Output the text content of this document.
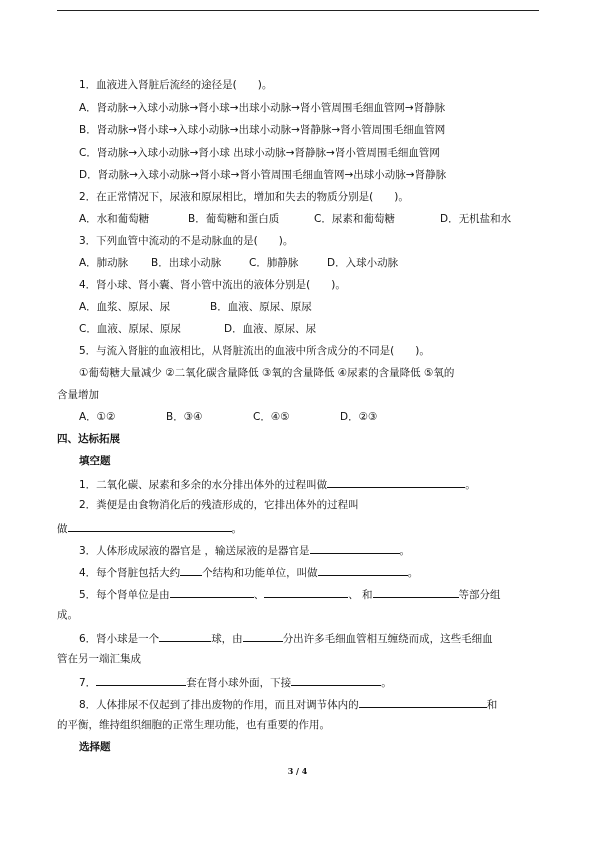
1．血液进入肾脏后流经的途径是(　　)。
A．肾动脉→入球小动脉→肾小球→出球小动脉→肾小管周围毛细血管网→肾静脉
B．肾动脉→肾小球→入球小动脉→出球小动脉→肾静脉→肾小管周围毛细血管网
C．肾动脉→入球小动脉→肾小球 出球小动脉→肾静脉→肾小管周围毛细血管网
D．肾动脉→入球小动脉→肾小球→肾小管周围毛细血管网→出球小动脉→肾静脉
2．在正常情况下，尿液和原尿相比，增加和失去的物质分别是(　　)。
A．水和葡萄糖	B．葡萄糖和蛋白质	C．尿素和葡萄糖	D．无机盐和水
3．下列血管中流动的不是动脉血的是(　　)。
A．肺动脉 B．出球小动脉	C．肺静脉	D．入球小动脉
4．肾小球、肾小囊、肾小管中流出的液体分别是(　　)。
A．血浆、原尿、尿	B．血液、原尿、原尿
C．血液、原尿、原尿	D．血液、原尿、尿
5．与流入肾脏的血液相比，从肾脏流出的血液中所含成分的不同是(　　)。
①葡萄糖大量减少 ②二氧化碳含量降低 ③氧的含量降低 ④尿素的含量降低 ⑤氧的
含量增加
A．①②	B．③④	C．④⑤	D．②③
四、达标拓展
填空题
1．二氧化碳、尿素和多余的水分排出体外的过程叫做	。
2．粪便是由食物消化后的残渣形成的，它排出体外的过程叫
做	。
3．人体形成尿液的器官是 ，输送尿液的是器官是	。
4．每个肾脏包括大约 个结构和功能单位，叫做	。
5．每个肾单位是由	、	、 和	等部分组
成。
6．肾小球是一个	球，由	分出许多毛细血管相互缠绕而成，这些毛细血
管在另一端汇集成
7．	套在肾小球外面，下接	。
8．人体排尿不仅起到了排出废物的作用，而且对调节体内的	和
的平衡，维持组织细胞的正常生理功能，也有重要的作用。
选择题
3 / 4
